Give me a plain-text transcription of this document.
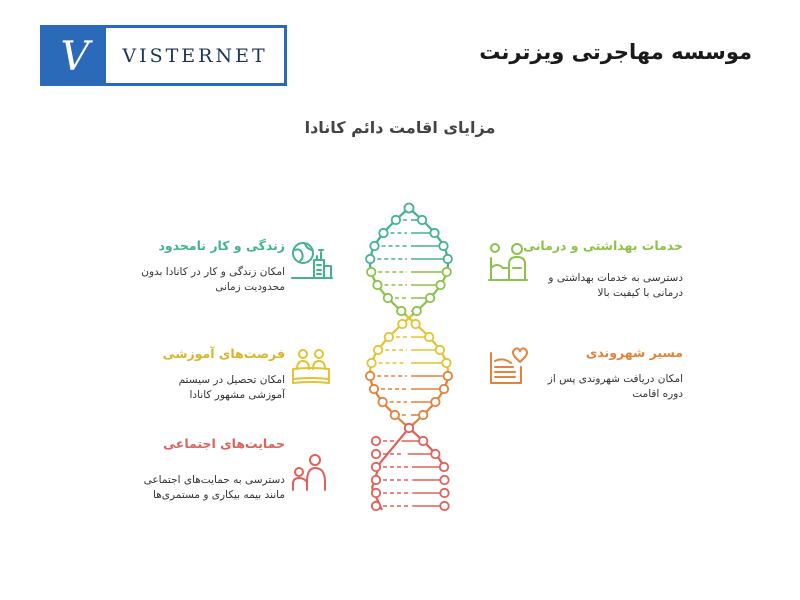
V	VISTERNET	موسسه مهاجرتی ویزترنت
مزایای اقامت دائم کانادا
زندگی و کار نامحدود
امکان زندگی و کار در کانادا بدون
محدودیت زمانی
فرصت‌های آموزشی
امکان تحصیل در سیستم
آموزشی مشهور کانادا
حمایت‌های اجتماعی
دسترسی به حمایت‌های اجتماعی
مانند بیمه بیکاری و مستمری‌ها
خدمات بهداشتی و درمانی
دسترسی به خدمات بهداشتی و
درمانی با کیفیت بالا
مسیر شهروندی
امکان دریافت شهروندی پس از
دوره اقامت
